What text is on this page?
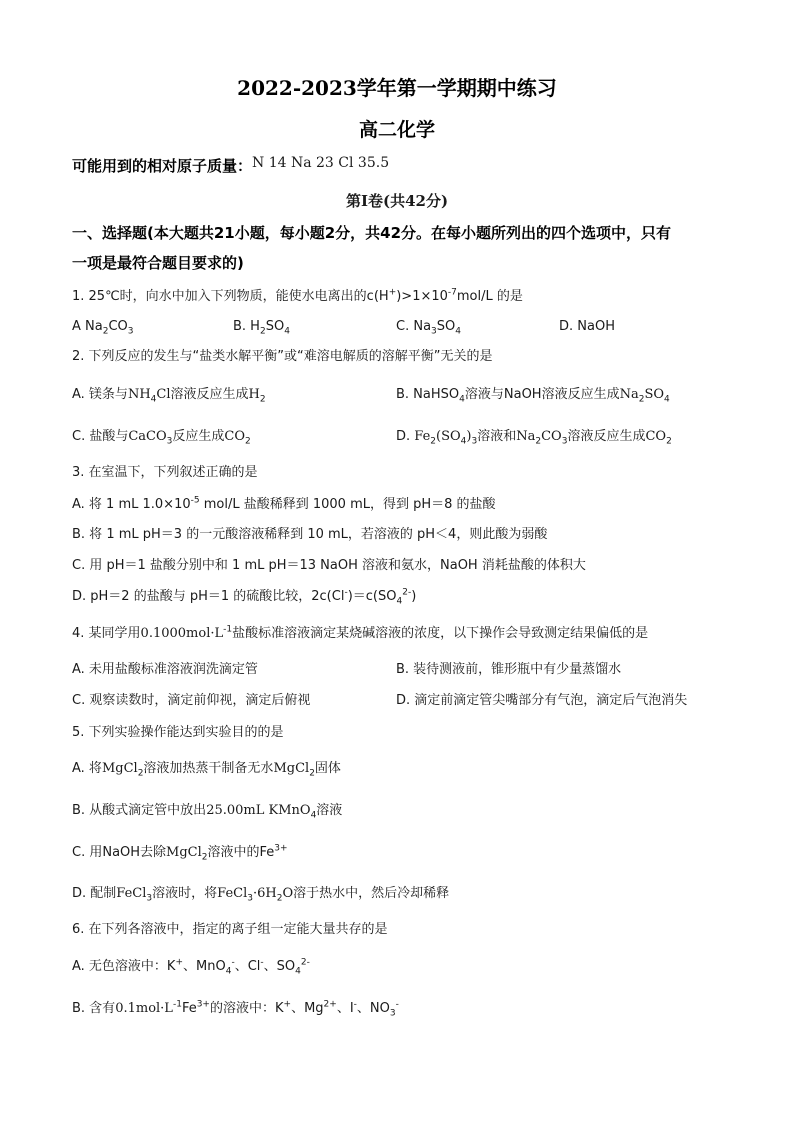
2022-2023学年第一学期期中练习
高二化学
可能用到的相对原子质量：N 14 Na 23 Cl 35.5
第Ⅰ卷(共42分)
一、选择题(本大题共21小题，每小题2分，共42分。在每小题所列出的四个选项中，只有
一项是最符合题目要求的)
1. 25℃时，向水中加入下列物质，能使水电离出的$c(H^+)>1\times 10^{-7}mol/L$ 的是
A $Na_2CO_3$	B. $H_2SO_4$	C. $Na_3SO_4$	D. NaOH
2. 下列反应的发生与“盐类水解平衡”或“难溶电解质的溶解平衡”无关的是
A. 镁条与$NH_4Cl$溶液反应生成$H_2$	B. NaHSO$_4$溶液与NaOH溶液反应生成$Na_2SO_4$
C. 盐酸与CaCO$_3$反应生成$CO_2$	D. $Fe_2(SO_4)_3$溶液和$Na_2CO_3$溶液反应生成$CO_2$
3. 在室温下，下列叙述正确的是
A. 将 1 mL $1.0\times 10^{-5}$ mol/L 盐酸稀释到 1000 mL，得到 pH＝8 的盐酸
B. 将 1 mL pH＝3 的一元酸溶液稀释到 10 mL，若溶液的 pH＜4，则此酸为弱酸
C. 用 pH＝1 盐酸分别中和 1 mL pH＝13 NaOH 溶液和氨水，NaOH 消耗盐酸的体积大
D. pH＝2 的盐酸与 pH＝1 的硫酸比较，$2c(Cl^-)=c(SO_4^{2-})$
4. 某同学用$0.1000mol\cdot L^{-1}$盐酸标准溶液滴定某烧碱溶液的浓度，以下操作会导致测定结果偏低的是
A. 未用盐酸标准溶液润洗滴定管	B. 装待测液前，锥形瓶中有少量蒸馏水
C. 观察读数时，滴定前仰视，滴定后俯视	D. 滴定前滴定管尖嘴部分有气泡，滴定后气泡消失
5. 下列实验操作能达到实验目的的是
A. 将MgCl$_2$溶液加热蒸干制备无水MgCl$_2$固体
B. 从酸式滴定管中放出25.00mL KMnO$_4$溶液
C. 用NaOH去除MgCl$_2$溶液中的$Fe^{3+}$
D. 配制FeCl$_3$溶液时，将$FeCl_3\cdot 6H_2O$溶于热水中，然后冷却稀释
6. 在下列各溶液中，指定的离子组一定能大量共存的是
A. 无色溶液中：K+、MnO$_4$-、Cl-、$SO_4^{2-}$
B. 含有$0.1mol\cdot L^{-1}Fe^{3+}$的溶液中：K+、$Mg^{2+}$、I-、$NO_3^-$
